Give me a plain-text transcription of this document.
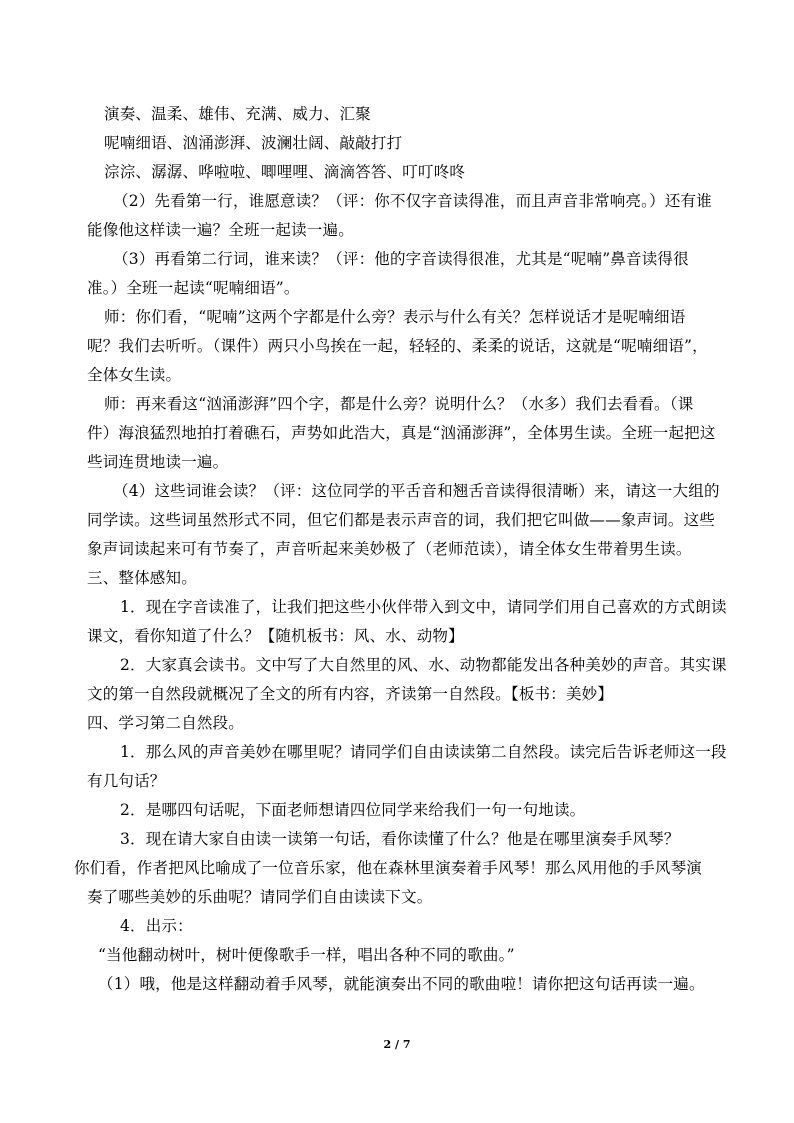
演奏、温柔、雄伟、充满、威力、汇聚
呢喃细语、汹涌澎湃、波澜壮阔、敲敲打打
淙淙、潺潺、哗啦啦、唧哩哩、滴滴答答、叮叮咚咚
（2）先看第一行，谁愿意读？（评：你不仅字音读得准，而且声音非常响亮。）还有谁
能像他这样读一遍？全班一起读一遍。
（3）再看第二行词，谁来读？（评：他的字音读得很准，尤其是“呢喃”鼻音读得很
准。）全班一起读“呢喃细语”。
师：你们看，“呢喃”这两个字都是什么旁？表示与什么有关？怎样说话才是呢喃细语
呢？我们去听听。（课件）两只小鸟挨在一起，轻轻的、柔柔的说话，这就是“呢喃细语”，
全体女生读。
师：再来看这“汹涌澎湃”四个字，都是什么旁？说明什么？（水多）我们去看看。（课
件）海浪猛烈地拍打着礁石，声势如此浩大，真是“汹涌澎湃”，全体男生读。全班一起把这
些词连贯地读一遍。
（4）这些词谁会读？（评：这位同学的平舌音和翘舌音读得很清晰）来，请这一大组的
同学读。这些词虽然形式不同，但它们都是表示声音的词，我们把它叫做——象声词。这些
象声词读起来可有节奏了，声音听起来美妙极了（老师范读），请全体女生带着男生读。
三、整体感知。
1．现在字音读准了，让我们把这些小伙伴带入到文中，请同学们用自己喜欢的方式朗读
课文，看你知道了什么？【随机板书：风、水、动物】
2．大家真会读书。文中写了大自然里的风、水、动物都能发出各种美妙的声音。其实课
文的第一自然段就概况了全文的所有内容，齐读第一自然段。【板书：美妙】
四、学习第二自然段。
1．那么风的声音美妙在哪里呢？请同学们自由读读第二自然段。读完后告诉老师这一段
有几句话？
2．是哪四句话呢，下面老师想请四位同学来给我们一句一句地读。
3．现在请大家自由读一读第一句话，看你读懂了什么？他是在哪里演奏手风琴？
你们看，作者把风比喻成了一位音乐家，他在森林里演奏着手风琴！那么风用他的手风琴演
奏了哪些美妙的乐曲呢？请同学们自由读读下文。
4．出示：
“当他翻动树叶，树叶便像歌手一样，唱出各种不同的歌曲。”
（1）哦，他是这样翻动着手风琴，就能演奏出不同的歌曲啦！请你把这句话再读一遍。
2 / 7
